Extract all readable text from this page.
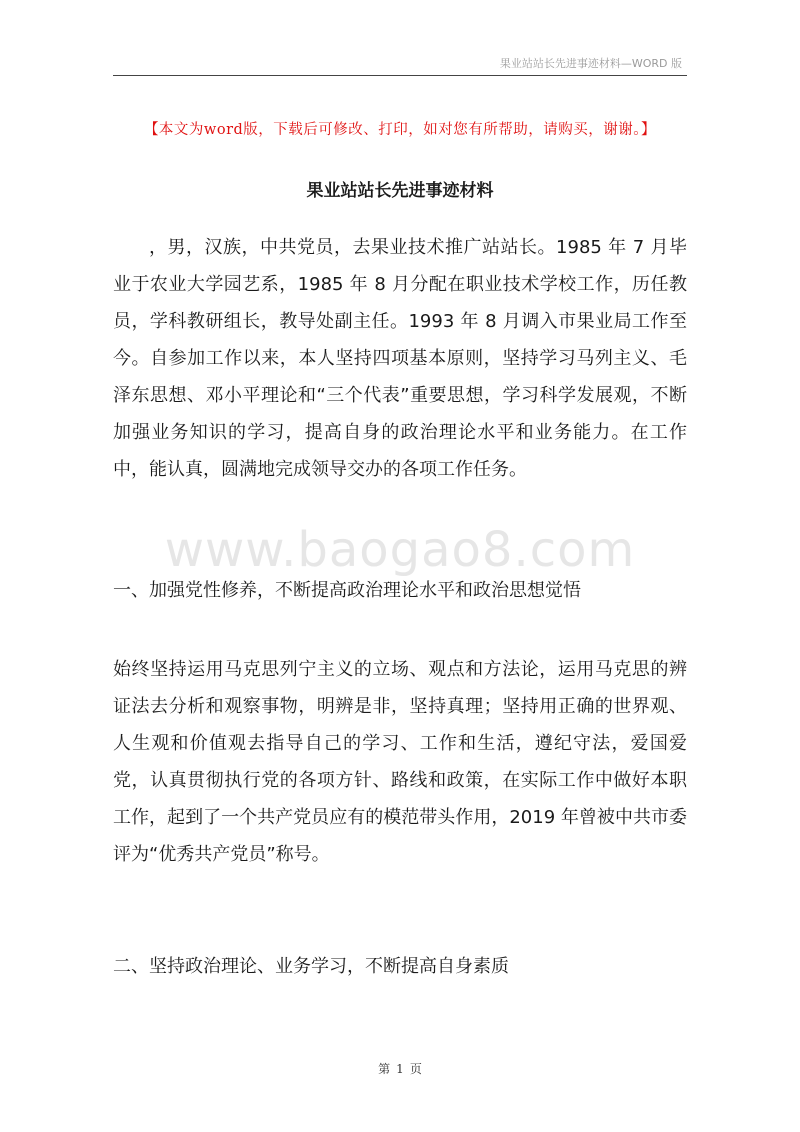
果业站站长先进事迹材料—WORD 版
【本文为word版，下载后可修改、打印，如对您有所帮助，请购买，谢谢。】
果业站站长先进事迹材料
，男，汉族，中共党员，去果业技术推广站站长。1985 年 7 月毕业于农业大学园艺系，1985 年 8 月分配在职业技术学校工作，历任教员，学科教研组长，教导处副主任。1993 年 8 月调入市果业局工作至今。自参加工作以来，本人坚持四项基本原则，坚持学习马列主义、毛泽东思想、邓小平理论和“三个代表”重要思想，学习科学发展观，不断加强业务知识的学习，提高自身的政治理论水平和业务能力。在工作中，能认真，圆满地完成领导交办的各项工作任务。
www.baogao8.com
一、加强党性修养，不断提高政治理论水平和政治思想觉悟
始终坚持运用马克思列宁主义的立场、观点和方法论，运用马克思的辨证法去分析和观察事物，明辨是非，坚持真理；坚持用正确的世界观、人生观和价值观去指导自己的学习、工作和生活，遵纪守法，爱国爱党，认真贯彻执行党的各项方针、路线和政策，在实际工作中做好本职工作，起到了一个共产党员应有的模范带头作用，2019 年曾被中共市委评为“优秀共产党员”称号。
二、坚持政治理论、业务学习，不断提高自身素质
第 1 页
